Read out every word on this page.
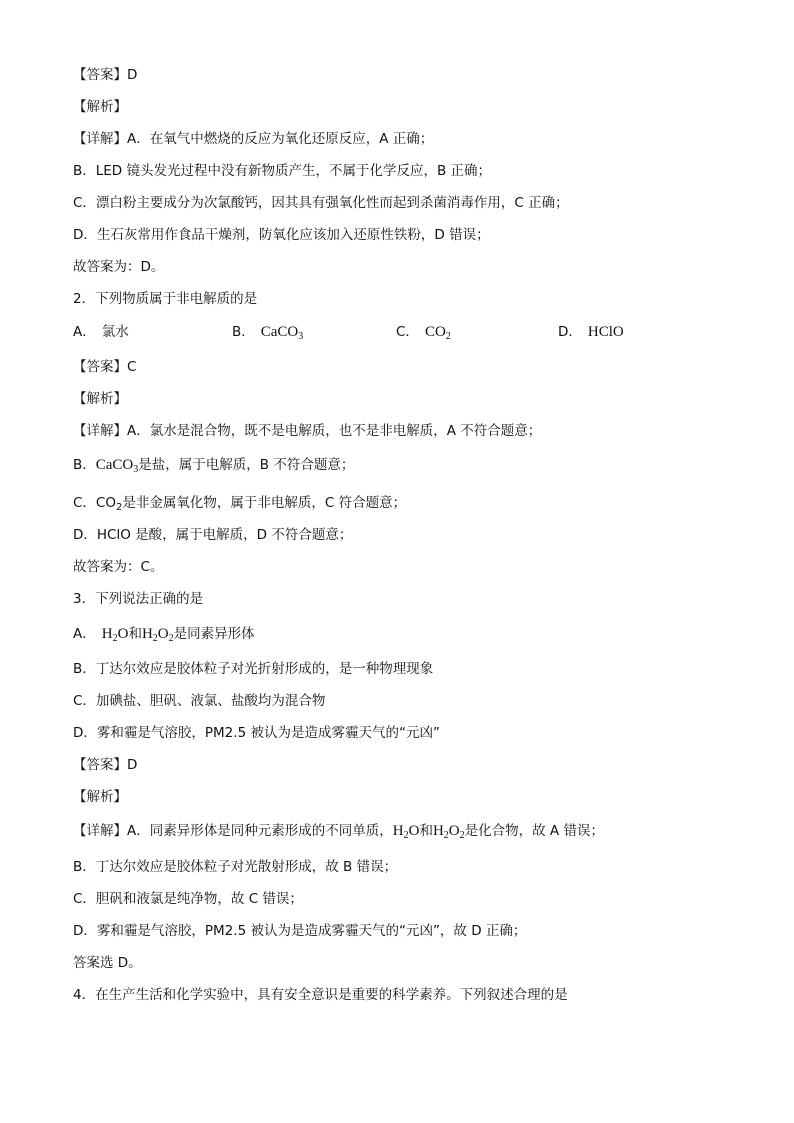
【答案】D
【解析】
【详解】A．在氧气中燃烧的反应为氧化还原反应，A 正确；
B．LED 镜头发光过程中没有新物质产生，不属于化学反应，B 正确；
C．漂白粉主要成分为次氯酸钙，因其具有强氧化性而起到杀菌消毒作用，C 正确；
D．生石灰常用作食品干燥剂，防氧化应该加入还原性铁粉，D 错误；
故答案为：D。
2．下列物质属于非电解质的是
A． 氯水	B． CaCO$_3$	C． $CO_2$	D． HClO
【答案】C
【解析】
【详解】A．氯水是混合物，既不是电解质，也不是非电解质，A 不符合题意；
B．CaCO$_3$是盐，属于电解质，B 不符合题意；
C．$CO_2$是非金属氧化物，属于非电解质，C 符合题意；
D．HClO 是酸，属于电解质，D 不符合题意；
故答案为：C。
3．下列说法正确的是
A． $H_2O$和$H_2O_2$是同素异形体
B．丁达尔效应是胶体粒子对光折射形成的，是一种物理现象
C．加碘盐、胆矾、液氯、盐酸均为混合物
D．雾和霾是气溶胶，PM2.5 被认为是造成雾霾天气的“元凶”
【答案】D
【解析】
【详解】A．同素异形体是同种元素形成的不同单质，$H_2O$和$H_2O_2$是化合物，故 A 错误；
B．丁达尔效应是胶体粒子对光散射形成，故 B 错误；
C．胆矾和液氯是纯净物，故 C 错误；
D．雾和霾是气溶胶，PM2.5 被认为是造成雾霾天气的“元凶”，故 D 正确；
答案选 D。
4．在生产生活和化学实验中，具有安全意识是重要的科学素养。下列叙述合理的是
